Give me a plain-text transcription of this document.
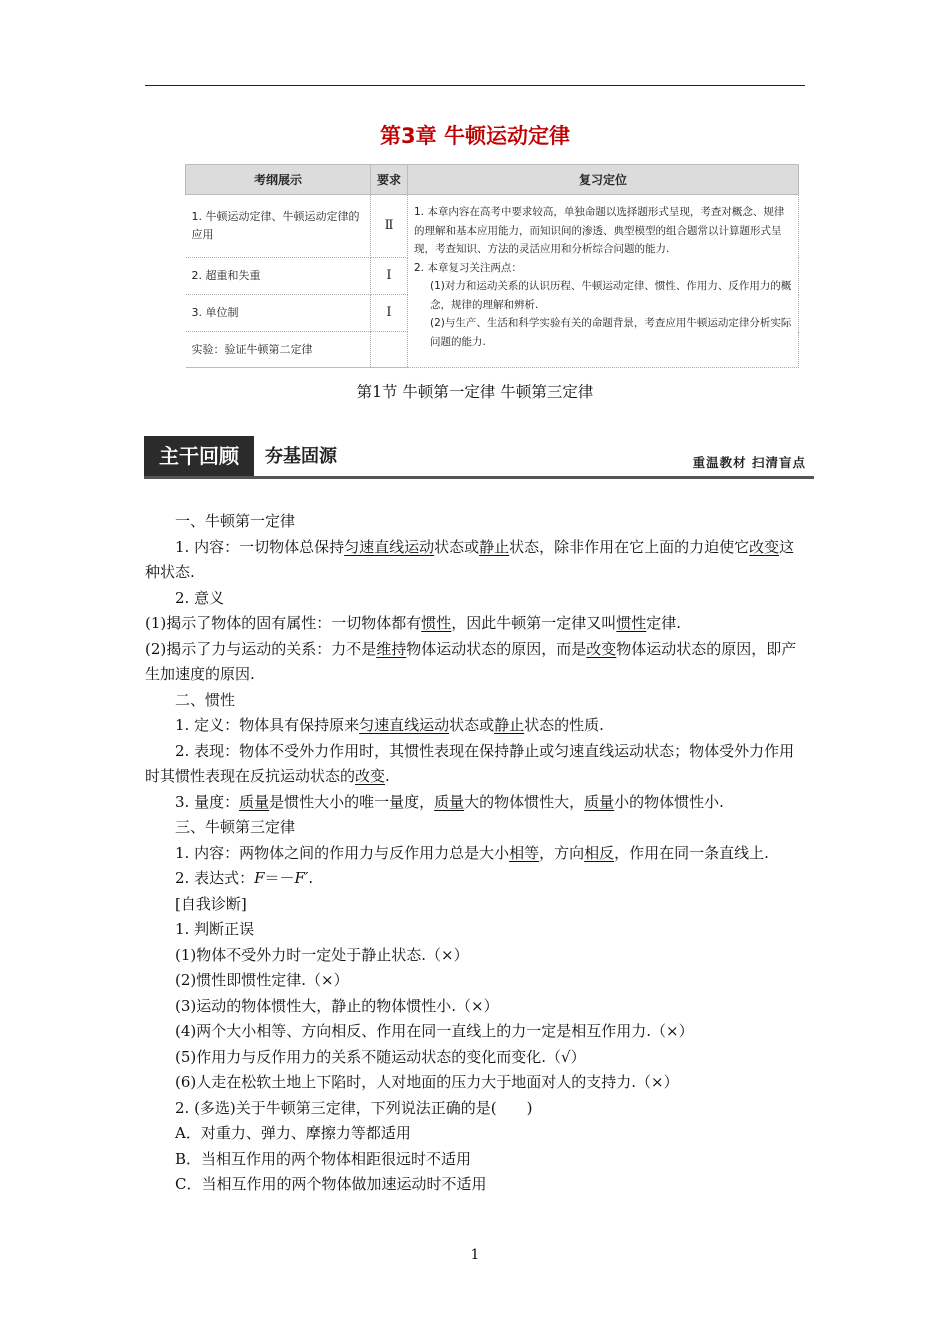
第3章 牛顿运动定律
考纲展示	要求	复习定位
1. 牛顿运动定律、牛顿运动定律的应用	Ⅱ	1. 本章内容在高考中要求较高，单独命题以选择题形式呈现，考查对概念、规律的理解和基本应用能力，而知识间的渗透、典型模型的组合题常以计算题形式呈现，考查知识、方法的灵活应用和分析综合问题的能力.
2. 本章复习关注两点：
(1)对力和运动关系的认识历程、牛顿运动定律、惯性、作用力、反作用力的概念，规律的理解和辨析.
(2)与生产、生活和科学实验有关的命题背景，考查应用牛顿运动定律分析实际问题的能力.

2. 超重和失重	Ⅰ	
3. 单位制	Ⅰ	
实验：验证牛顿第二定律		
第1节 牛顿第一定律 牛顿第三定律
主干回顾	夯基固源	重温教材 扫清盲点

一、牛顿第一定律

1. 内容：一切物体总保持匀速直线运动状态或静止状态，除非作用在它上面的力迫使它改变这种状态.

2. 意义

(1)揭示了物体的固有属性：一切物体都有惯性，因此牛顿第一定律又叫惯性定律.

(2)揭示了力与运动的关系：力不是维持物体运动状态的原因，而是改变物体运动状态的原因，即产生加速度的原因.

二、惯性

1. 定义：物体具有保持原来匀速直线运动状态或静止状态的性质.

2. 表现：物体不受外力作用时，其惯性表现在保持静止或匀速直线运动状态；物体受外力作用时其惯性表现在反抗运动状态的改变.

3. 量度：质量是惯性大小的唯一量度，质量大的物体惯性大，质量小的物体惯性小.

三、牛顿第三定律

1. 内容：两物体之间的作用力与反作用力总是大小相等，方向相反，作用在同一条直线上.

2. 表达式：F＝－F′.

[自我诊断]

1. 判断正误

(1)物体不受外力时一定处于静止状态.（×）

(2)惯性即惯性定律.（×）

(3)运动的物体惯性大，静止的物体惯性小.（×）

(4)两个大小相等、方向相反、作用在同一直线上的力一定是相互作用力.（×）

(5)作用力与反作用力的关系不随运动状态的变化而变化.（√）

(6)人走在松软土地上下陷时，人对地面的压力大于地面对人的支持力.（×）

2. (多选)关于牛顿第三定律，下列说法正确的是(　　)

A．对重力、弹力、摩擦力等都适用

B．当相互作用的两个物体相距很远时不适用

C．当相互作用的两个物体做加速运动时不适用

1
